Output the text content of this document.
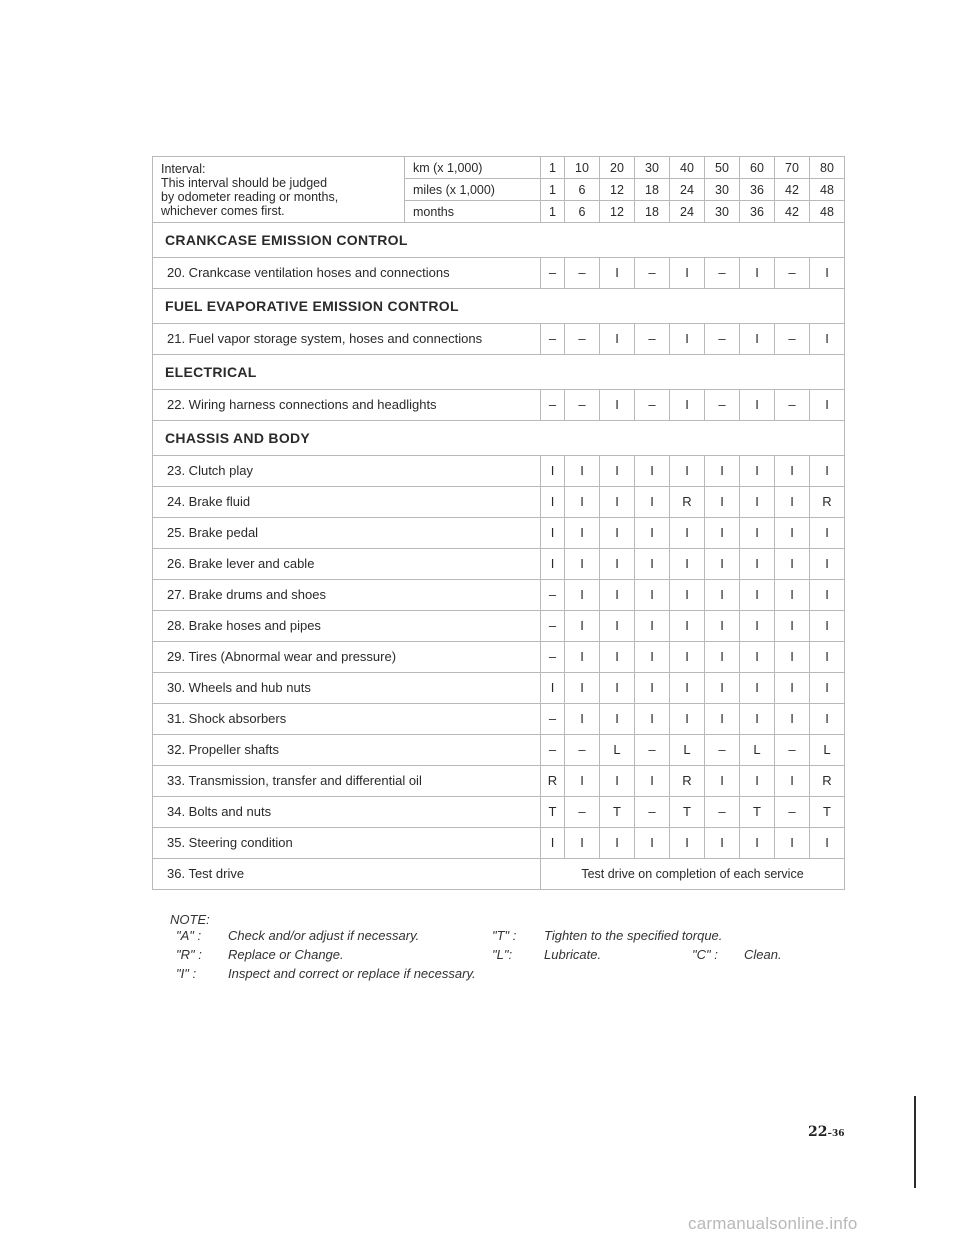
Interval:
This interval should be judged
by odometer reading or months,
whichever comes first.	km (x 1,000)	1	10	20	30	40	50	60	70	80
	miles (x 1,000)	1	6	12	18	24	30	36	42	48
	months	1	6	12	18	24	30	36	42	48
CRANKCASE EMISSION CONTROL										
20. Crankcase ventilation hoses and connections		–	–	I	–	I	–	I	–	I
FUEL EVAPORATIVE EMISSION CONTROL										
21. Fuel vapor storage system, hoses and connections		–	–	I	–	I	–	I	–	I
ELECTRICAL										
22. Wiring harness connections and headlights		–	–	I	–	I	–	I	–	I
CHASSIS AND BODY										
23. Clutch play		I	I	I	I	I	I	I	I	I
24. Brake fluid		I	I	I	I	R	I	I	I	R
25. Brake pedal		I	I	I	I	I	I	I	I	I
26. Brake lever and cable		I	I	I	I	I	I	I	I	I
27. Brake drums and shoes		–	I	I	I	I	I	I	I	I
28. Brake hoses and pipes		–	I	I	I	I	I	I	I	I
29. Tires (Abnormal wear and pressure)		–	I	I	I	I	I	I	I	I
30. Wheels and hub nuts		I	I	I	I	I	I	I	I	I
31. Shock absorbers		–	I	I	I	I	I	I	I	I
32. Propeller shafts		–	–	L	–	L	–	L	–	L
33. Transmission, transfer and differential oil		R	I	I	I	R	I	I	I	R
34. Bolts and nuts		T	–	T	–	T	–	T	–	T
35. Steering condition		I	I	I	I	I	I	I	I	I
36. Test drive		Test drive on completion of each service								
NOTE:
"A" : Check and/or adjust if necessary.	"T" : Tighten to the specified torque.
"R" : Replace or Change.	"L": Lubricate.	"C" : Clean.
"I" : Inspect and correct or replace if necessary.
22–36
carmanualsonline.info
